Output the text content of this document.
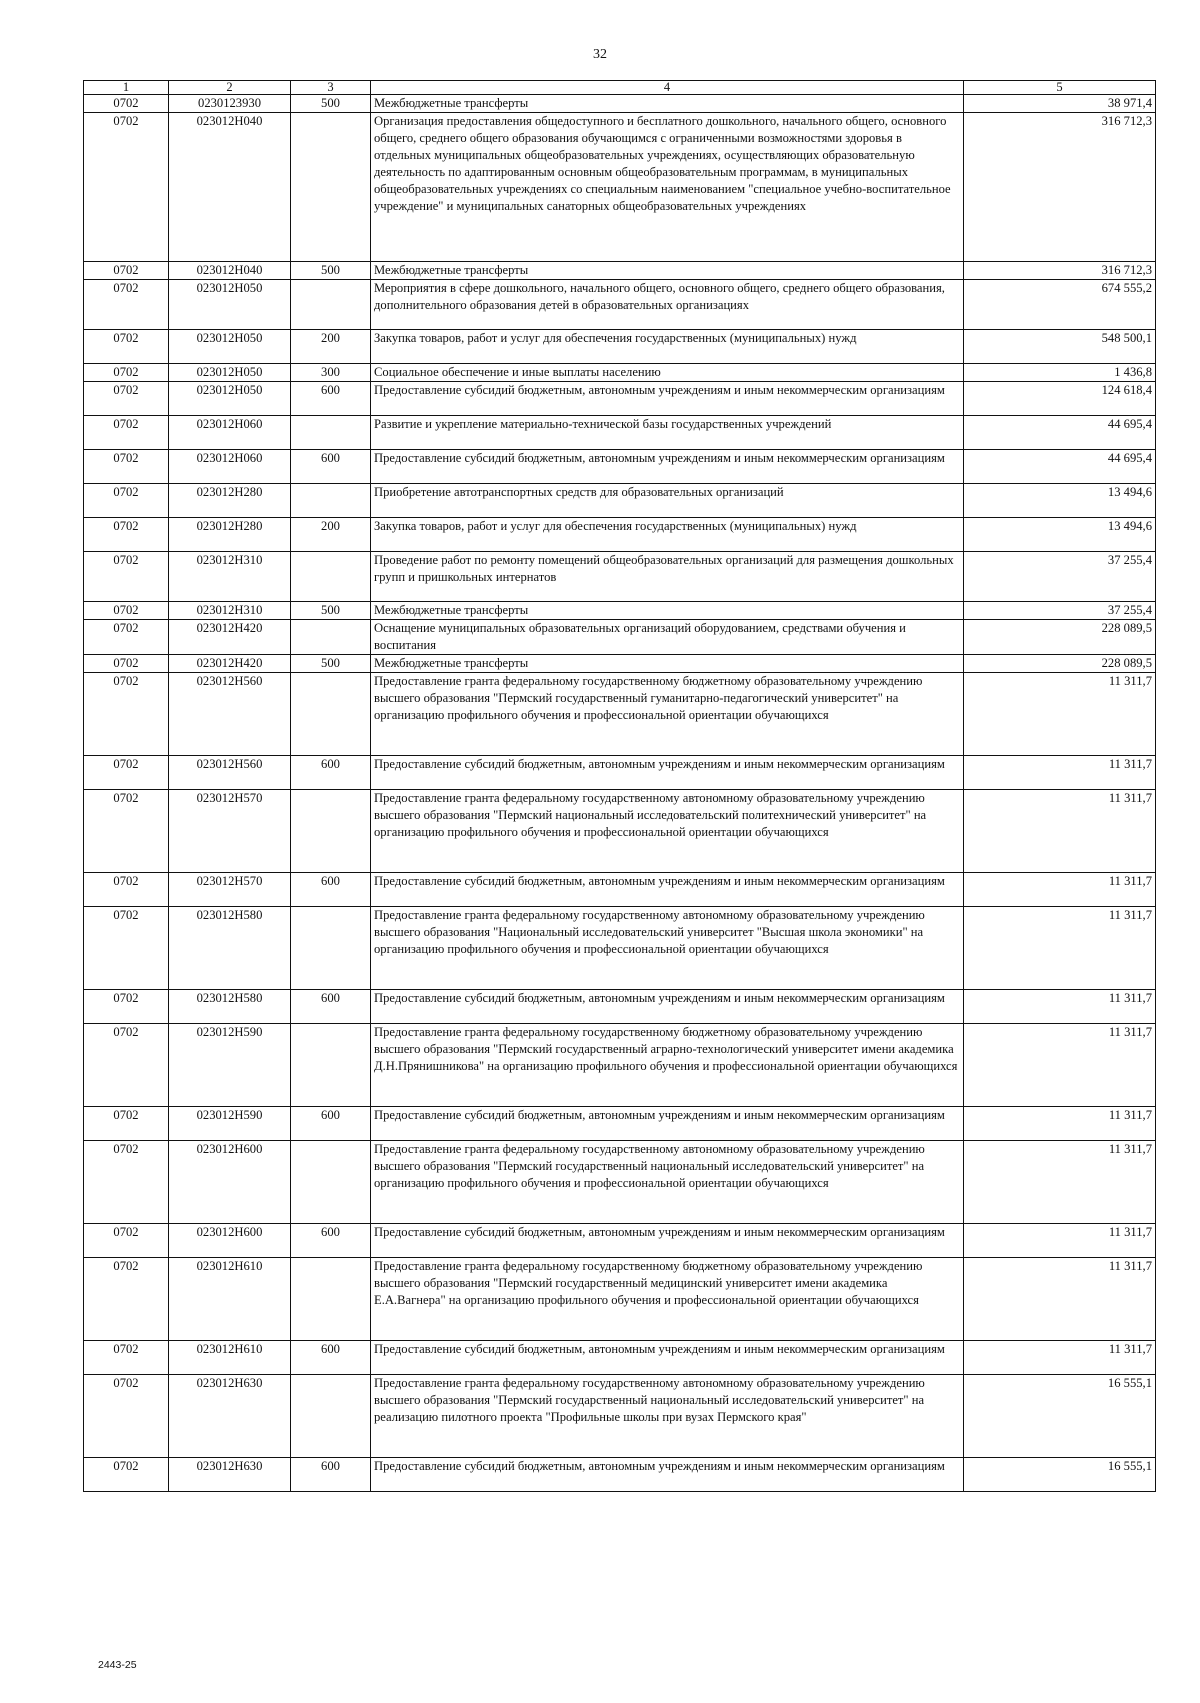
32
1	2	3	4	5
0702	0230123930	500	Межбюджетные трансферты	38 971,4
0702	023012Н040		Организация предоставления общедоступного и бесплатного дошкольного, начального общего, основного общего, среднего общего образования обучающимся с ограниченными возможностями здоровья в отдельных муниципальных общеобразовательных учреждениях, осуществляющих образовательную деятельность по адаптированным основным общеобразовательным программам, в муниципальных общеобразовательных учреждениях со специальным наименованием "специальное учебно-воспитательное учреждение" и муниципальных санаторных общеобразовательных учреждениях	316 712,3
0702	023012Н040	500	Межбюджетные трансферты	316 712,3
0702	023012Н050		Мероприятия в сфере дошкольного, начального общего, основного общего, среднего общего образования, дополнительного образования детей в образовательных организациях	674 555,2
0702	023012Н050	200	Закупка товаров, работ и услуг для обеспечения государственных (муниципальных) нужд	548 500,1
0702	023012Н050	300	Социальное обеспечение и иные выплаты населению	1 436,8
0702	023012Н050	600	Предоставление субсидий бюджетным, автономным учреждениям и иным некоммерческим организациям	124 618,4
0702	023012Н060		Развитие и укрепление материально-технической базы государственных учреждений	44 695,4
0702	023012Н060	600	Предоставление субсидий бюджетным, автономным учреждениям и иным некоммерческим организациям	44 695,4
0702	023012Н280		Приобретение автотранспортных средств для образовательных организаций	13 494,6
0702	023012Н280	200	Закупка товаров, работ и услуг для обеспечения государственных (муниципальных) нужд	13 494,6
0702	023012Н310		Проведение работ по ремонту помещений общеобразовательных организаций для размещения дошкольных групп и пришкольных интернатов	37 255,4
0702	023012Н310	500	Межбюджетные трансферты	37 255,4
0702	023012Н420		Оснащение муниципальных образовательных организаций оборудованием, средствами обучения и воспитания	228 089,5
0702	023012Н420	500	Межбюджетные трансферты	228 089,5
0702	023012Н560		Предоставление гранта федеральному государственному бюджетному образовательному учреждению высшего образования "Пермский государственный гуманитарно-педагогический университет" на организацию профильного обучения и профессиональной ориентации обучающихся	11 311,7
0702	023012Н560	600	Предоставление субсидий бюджетным, автономным учреждениям и иным некоммерческим организациям	11 311,7
0702	023012Н570		Предоставление гранта федеральному государственному автономному образовательному учреждению высшего образования "Пермский национальный исследовательский политехнический университет" на организацию профильного обучения и профессиональной ориентации обучающихся	11 311,7
0702	023012Н570	600	Предоставление субсидий бюджетным, автономным учреждениям и иным некоммерческим организациям	11 311,7
0702	023012Н580		Предоставление гранта федеральному государственному автономному образовательному учреждению высшего образования "Национальный исследовательский университет "Высшая школа экономики" на организацию профильного обучения и профессиональной ориентации обучающихся	11 311,7
0702	023012Н580	600	Предоставление субсидий бюджетным, автономным учреждениям и иным некоммерческим организациям	11 311,7
0702	023012Н590		Предоставление гранта федеральному государственному бюджетному образовательному учреждению высшего образования "Пермский государственный аграрно-технологический университет имени академика Д.Н.Прянишникова" на организацию профильного обучения и профессиональной ориентации обучающихся	11 311,7
0702	023012Н590	600	Предоставление субсидий бюджетным, автономным учреждениям и иным некоммерческим организациям	11 311,7
0702	023012Н600		Предоставление гранта федеральному государственному автономному образовательному учреждению высшего образования "Пермский государственный национальный исследовательский университет" на организацию профильного обучения и профессиональной ориентации обучающихся	11 311,7
0702	023012Н600	600	Предоставление субсидий бюджетным, автономным учреждениям и иным некоммерческим организациям	11 311,7
0702	023012Н610		Предоставление гранта федеральному государственному бюджетному образовательному учреждению высшего образования "Пермский государственный медицинский университет имени академика Е.А.Вагнера" на организацию профильного обучения и профессиональной ориентации обучающихся	11 311,7
0702	023012Н610	600	Предоставление субсидий бюджетным, автономным учреждениям и иным некоммерческим организациям	11 311,7
0702	023012Н630		Предоставление гранта федеральному государственному автономному образовательному учреждению высшего образования "Пермский государственный национальный исследовательский университет" на реализацию пилотного проекта "Профильные школы при вузах Пермского края"	16 555,1
0702	023012Н630	600	Предоставление субсидий бюджетным, автономным учреждениям и иным некоммерческим организациям	16 555,1
2443-25
